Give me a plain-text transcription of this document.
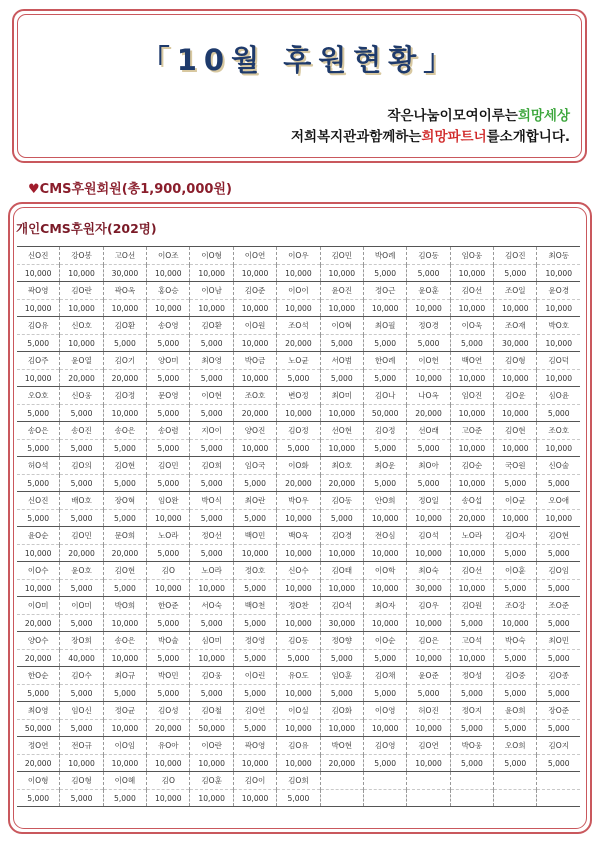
「10월 후원현황」
작은나눔이모여이루는희망세상
저희복지관과함께하는희망파트너를소개합니다.
♥CMS후원회원(총1,900,000원)
개인CMS후원자(202명)
신O진	강O봉	고O선	이O조	이O형	이O연	이O우	김O민	박O례	김O동	임O웅	김O진	최O동
10,000	10,000	30,000	10,000	10,000	10,000	10,000	10,000	5,000	5,000	10,000	5,000	10,000
곽O영	김O란	곽O옥	홍O승	이O남	김O준	이O이	윤O진	정O근	윤O훈	김O선	조O일	윤O경
10,000	10,000	10,000	10,000	10,000	10,000	10,000	10,000	10,000	10,000	10,000	10,000	10,000
김O유	신O호	김O환	송O영	김O환	이O원	조O석	이O혁	최O필	정O경	이O욱	조O재	박O호
5,000	10,000	5,000	5,000	5,000	10,000	20,000	5,000	5,000	5,000	5,000	30,000	10,000
김O주	윤O열	김O기	양O미	최O영	박O금	노O균	서O범	한O례	이O헌	백O연	김O형	김O덕
10,000	20,000	20,000	5,000	5,000	10,000	5,000	5,000	5,000	10,000	10,000	10,000	10,000
오O호	신O웅	김O정	문O영	이O현	조O호	변O정	최O미	김O나	나O옥	임O진	김O운	심O윤
5,000	5,000	10,000	5,000	5,000	20,000	10,000	10,000	50,000	20,000	10,000	10,000	5,000
송O은	송O진	송O은	송O렴	지O이	양O진	김O정	선O현	김O정	선O래	고O준	김O현	조O호
5,000	5,000	5,000	5,000	5,000	10,000	5,000	10,000	5,000	5,000	10,000	10,000	10,000
허O석	김O의	김O현	김O민	김O희	임O국	이O화	최O호	최O운	최O아	김O순	국O원	신O술
5,000	5,000	5,000	5,000	5,000	5,000	20,000	20,000	5,000	5,000	10,000	5,000	5,000
신O진	배O호	장O혁	임O완	박O식	최O란	박O우	김O동	안O희	정O일	송O섭	이O균	오O애
5,000	5,000	5,000	10,000	5,000	5,000	10,000	5,000	10,000	10,000	20,000	10,000	10,000
윤O순	김O민	문O희	노O라	정O선	백O민	백O욱	김O경	전O심	김O석	노O라	김O자	김O현
10,000	20,000	20,000	5,000	5,000	10,000	10,000	10,000	10,000	10,000	10,000	5,000	5,000
이O수	윤O호	김O현	김O	노O라	정O호	신O수	김O태	이O학	최O숙	김O선	이O훈	김O임
10,000	5,000	5,000	10,000	10,000	5,000	10,000	10,000	10,000	30,000	10,000	5,000	5,000
이O미	이O미	박O희	한O준	서O숙	백O천	정O찬	김O석	최O자	김O우	김O원	조O강	조O준
20,000	5,000	10,000	5,000	5,000	5,000	10,000	30,000	10,000	10,000	5,000	10,000	5,000
양O수	장O희	송O은	박O술	심O미	정O영	김O동	정O향	이O순	김O은	고O석	박O숙	최O민
20,000	40,000	10,000	5,000	10,000	5,000	5,000	5,000	5,000	10,000	10,000	5,000	5,000
한O순	김O수	최O규	박O민	김O웅	이O린	유O도	임O훈	김O채	윤O준	정O성	김O중	김O종
5,000	5,000	5,000	5,000	5,000	5,000	10,000	5,000	5,000	5,000	5,000	5,000	5,000
최O영	임O신	정O균	김O성	김O철	김O연	이O실	김O화	이O영	허O진	정O지	윤O희	장O준
50,000	5,000	10,000	20,000	50,000	5,000	10,000	10,000	10,000	10,000	5,000	5,000	5,000
정O연	전O규	이O임	유O아	이O란	곽O영	김O유	박O현	김O영	김O연	박O웅	오O희	김O지
20,000	10,000	10,000	10,000	10,000	10,000	10,000	20,000	5,000	10,000	5,000	5,000	5,000
이O형	김O형	이O혜	김O	김O훈	김O이	김O희						
5,000	5,000	5,000	10,000	10,000	10,000	5,000						
